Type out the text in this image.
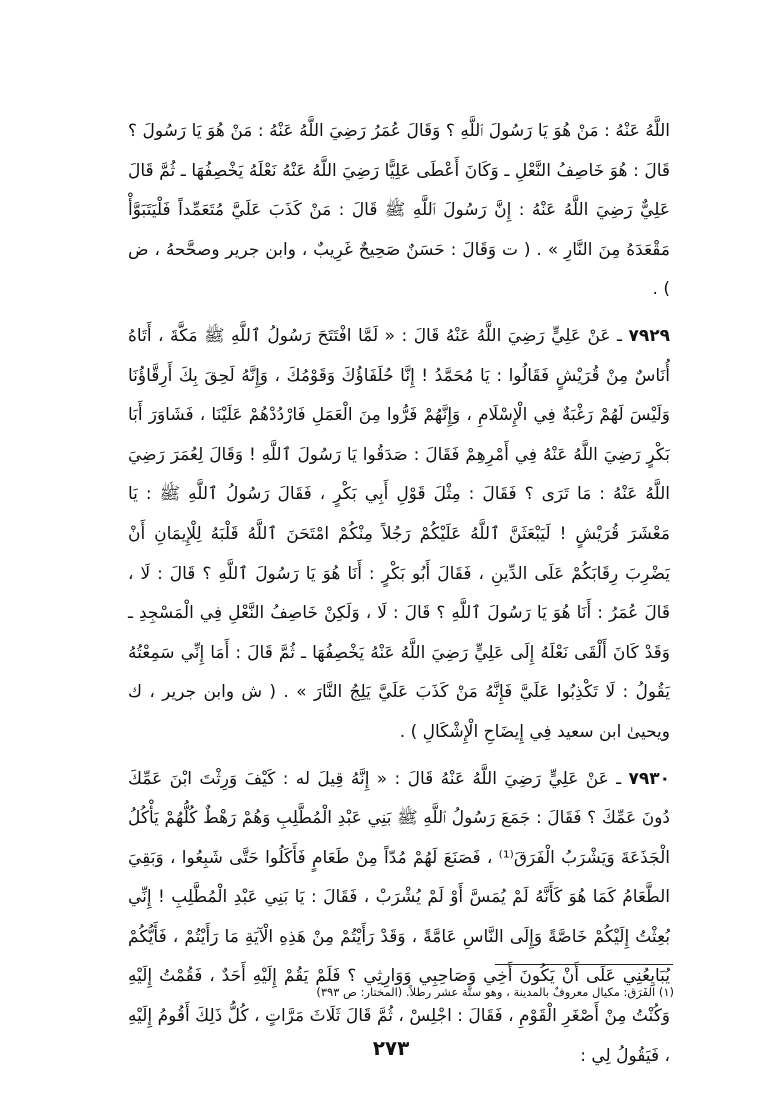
اللَّهُ عَنْهُ : مَنْ هُوَ يَا رَسُولَ ٱللَّهِ ؟ وَقَالَ عُمَرُ رَضِيَ اللَّهُ عَنْهُ : مَنْ هُوَ يَا رَسُولَ ؟ قَالَ : هُوَ خَاصِفُ النَّعْلِ ـ وَكَانَ أَعْطَى عَلِيًّا رَضِيَ اللَّهُ عَنْهُ نَعْلَهُ يَخْصِفُهَا ـ ثُمَّ قَالَ عَلِيٌّ رَضِيَ اللَّهُ عَنْهُ : إِنَّ رَسُولَ ٱللَّهِ ﷺ قَالَ : مَنْ كَذَبَ عَلَيَّ مُتَعَمِّداً فَلْيَتَبَوَّأْ مَقْعَدَهُ مِنَ النَّارِ » . ( ت وَقَالَ : حَسَنٌ صَحِيحٌ غَرِيبٌ ، وابن جرير وصحَّحهُ ، ض ) .

٧٩٢٩ ـ عَنْ عَلِيٍّ رَضِيَ اللَّهُ عَنْهُ قَالَ : « لَمَّا افْتَتَحَ رَسُولُ ٱللَّهِ ﷺ مَكَّةَ ، أَتَاهُ أُنَاسٌ مِنْ قُرَيْشٍ فَقَالُوا : يَا مُحَمَّدُ ! إِنَّا حُلَفَاؤُكَ وَقَوْمُكَ ، وَإِنَّهُ لَحِقَ بِكَ أَرِقَّاؤُنَا وَلَيْسَ لَهُمْ رَغْبَةٌ فِي الْإِسْلَامِ ، وَإِنَّهُمْ فَرُّوا مِنَ الْعَمَلِ فَارْدُدْهُمْ عَلَيْنَا ، فَشَاوَرَ أَبَا بَكْرٍ رَضِيَ اللَّهُ عَنْهُ فِي أَمْرِهِمْ فَقَالَ : صَدَقُوا يَا رَسُولَ ٱللَّهِ ! وَقَالَ لِعُمَرَ رَضِيَ اللَّهُ عَنْهُ : مَا تَرَى ؟ فَقَالَ : مِثْلَ قَوْلِ أَبِي بَكْرٍ ، فَقَالَ رَسُولُ ٱللَّهِ ﷺ : يَا مَعْشَرَ قُرَيْشٍ ! لَيَبْعَثَنَّ ٱللَّهُ عَلَيْكُمْ رَجُلاً مِنْكُمْ امْتَحَنَ ٱللَّهُ قَلْبَهُ لِلْإِيمَانِ أَنْ يَضْرِبَ رِقَابَكُمْ عَلَى الدِّينِ ، فَقَالَ أَبُو بَكْرٍ : أَنَا هُوَ يَا رَسُولَ ٱللَّهِ ؟ قَالَ : لَا ، قَالَ عُمَرُ : أَنَا هُوَ يَا رَسُولَ ٱللَّهِ ؟ قَالَ : لَا ، وَلَكِنْ خَاصِفُ النَّعْلِ فِي الْمَسْجِدِ ـ وَقَدْ كَانَ أَلْقَى نَعْلَهُ إِلَى عَلِيٍّ رَضِيَ اللَّهُ عَنْهُ يَخْصِفُهَا ـ ثُمَّ قَالَ : أَمَا إِنِّي سَمِعْتُهُ يَقُولُ : لَا تَكْذِبُوا عَلَيَّ فَإِنَّهُ مَنْ كَذَبَ عَلَيَّ يَلِجُ النَّارَ » . ( ش وابن جرير ، ك ويحيىٰ ابن سعيد فِي إِيضَاحِ الْإِشْكَالِ ) .

٧٩٣٠ ـ عَنْ عَلِيٍّ رَضِيَ اللَّهُ عَنْهُ قَالَ : « إِنَّهُ قِيلَ له : كَيْفَ وَرِثْتَ ابْنَ عَمِّكَ دُونَ عَمِّكَ ؟ فَقَالَ : جَمَعَ رَسُولُ ٱللَّهِ ﷺ بَنِي عَبْدِ الْمُطَّلِبِ وَهُمْ رَهْطٌ كُلُّهُمْ يَأْكُلُ الْجَذَعَةَ وَيَشْرَبُ الْفَرَقَ⁽¹⁾ ، فَصَنَعَ لَهُمْ مُدّاً مِنْ طَعَامٍ فَأَكَلُوا حَتَّى شَبِعُوا ، وَبَقِيَ الطَّعَامُ كَمَا هُوَ كَأَنَّهُ لَمْ يُمَسَّ أَوْ لَمْ يُشْرَبْ ، فَقَالَ : يَا بَنِي عَبْدِ الْمُطَّلِبِ ! إِنِّي بُعِثْتُ إِلَيْكُمْ خَاصَّةً وَإِلَى النَّاسِ عَامَّةً ، وَقَدْ رَأَيْتُمْ مِنْ هَذِهِ الْآيَةِ مَا رَأَيْتُمْ ، فَأَيُّكُمْ يُبَايِعُنِي عَلَى أَنْ يَكُونَ أَخِي وَصَاحِبِي وَوَارِثِي ؟ فَلَمْ يَقُمْ إِلَيْهِ أَحَدٌ ، فَقُمْتُ إِلَيْهِ وَكُنْتُ مِنْ أَصْغَرِ الْقَوْمِ ، فَقَالَ : اجْلِسْ ، ثُمَّ قَالَ ثَلَاثَ مَرَّاتٍ ، كُلُّ ذَلِكَ أَقُومُ إِلَيْهِ ، فَيَقُولُ لِي :

(١) الفَرَق: مكيال معروفٌ بالمدينة ، وهو ستَّة عشر رطلاً. (المختار: ص ٣٩٣)
٢٧٣
